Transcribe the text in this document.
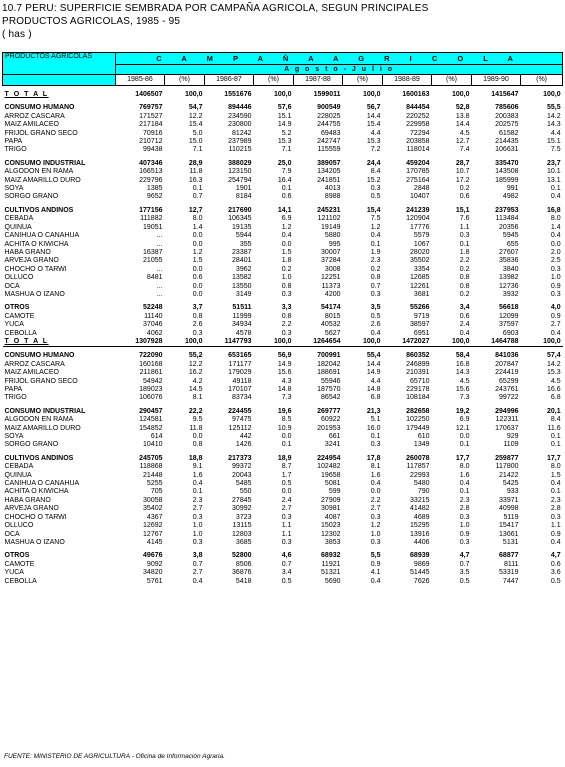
10.7 PERU: SUPERFICIE SEMBRADA POR CAMPAÑA AGRICOLA, SEGUN PRINCIPALES
PRODUCTOS AGRICOLAS, 1985 - 95
( has )
PRODUCTOS AGRICOLAS	C A M P A Ñ A A G R I C O L A									
	A g o s t o - J u l i o									
	1985-86	(%)	1986-87	(%)	1987-88	(%)	1988-89	(%)	1989-90	(%)

T O T A L	1406507	100,0	1551676	100,0	1599011	100,0	1600163	100,0	1415647	100,0

CONSUMO HUMANO	769757	54,7	894446	57,6	900549	56,7	844454	52,8	785606	55,5
ARROZ CASCARA	171527	12.2	234590	15.1	228025	14.4	220252	13.8	200383	14.2
MAIZ AMILACEO	217184	15.4	230800	14.9	244755	15.4	229958	14.4	202575	14.3
FRIJOL GRANO SECO	70916	5.0	81242	5.2	69483	4.4	72294	4.5	61582	4.4
PAPA	210712	15.0	237989	15.3	242747	15.3	203858	12.7	214435	15.1
TRIGO	99438	7.1	110215	7.1	115559	7.2	118014	7.4	106631	7.5

CONSUMO INDUSTRIAL	407346	28,9	388029	25,0	389057	24,4	459204	28,7	335470	23,7
ALGODON EN RAMA	166513	11.8	123150	7.9	134205	8.4	170785	10.7	143508	10.1
MAIZ AMARILLO DURO	229796	16.3	254794	16.4	241851	15.2	275164	17.2	185999	13.1
SOYA	1385	0.1	1901	0.1	4013	0.3	2848	0.2	991	0.1
SORGO GRANO	9652	0.7	8184	0.6	8988	0.5	10407	0.6	4982	0.4

CULTIVOS ANDINOS	177156	12,7	217690	14,1	245231	15,4	241239	15,1	237953	16,8
CEBADA	111882	8.0	106345	6.9	121102	7.5	120904	7.6	113484	8.0
QUINUA	19051	1.4	19135	1.2	19149	1.2	17776	1.1	20356	1.4
CANIHUA O CANAHUA	...	0.0	5944	0.4	5880	0.4	5579	0.3	5945	0.4
ACHITA O KIWICHA	...	0.0	355	0.0	995	0.1	1067	0.1	655	0.0
HABA GRANO	16387	1.2	23387	1.5	30007	1.9	28020	1.8	27607	2.0
ARVEJA GRANO	21055	1.5	28401	1.8	37284	2.3	35502	2.2	35836	2.5
CHOCHO O TARWI	...	0.0	3962	0.2	3008	0.2	3354	0.2	3840	0.3
OLLUCO	8481	0.6	13582	1.0	12251	0.8	12685	0.8	13982	1.0
OCA	...	0.0	13550	0.8	11373	0.7	12261	0.8	12736	0.9
MASHUA O IZANO	...	0.0	3149	0.3	4200	0.3	3681	0.2	3932	0.3

OTROS	52248	3,7	51511	3,3	54174	3,5	55266	3,4	56618	4,0
CAMOTE	11140	0.8	11999	0.8	8015	0.5	9719	0.6	12099	0.9
YUCA	37046	2.6	34934	2.2	40532	2.6	38597	2.4	37597	2.7
CEBOLLA	4062	0.3	4578	0.3	5627	0.4	6951	0.4	6903	0.4
T O T A L	1307928	100,0	1147793	100,0	1264654	100,0	1472027	100,0	1464788	100,0

CONSUMO HUMANO	722090	55,2	653165	56,9	700991	55,4	860352	58,4	841036	57,4
ARROZ CASCARA	160168	12.2	171177	14.9	182042	14.4	246899	16.8	207847	14.2
MAIZ AMILACEO	211861	16.2	179029	15.6	188691	14.9	210391	14.3	224419	15.3
FRIJOL GRANO SECO	54942	4.2	49118	4.3	55946	4.4	65710	4.5	65299	4.5
PAPA	189023	14.5	170107	14.8	187570	14.8	229178	15.6	243761	16.6
TRIGO	106076	8.1	83734	7.3	86542	6.8	108184	7.3	99722	6.8

CONSUMO INDUSTRIAL	290457	22,2	224455	19,6	269777	21,3	282658	19,2	294996	20,1
ALGODON EN RAMA	124581	9.5	97475	8.5	60922	5.1	102250	6.9	122311	8.4
MAIZ AMARILLO DURO	154852	11.8	125112	10.9	201953	16.0	179449	12.1	170637	11.6
SOYA	614	0.0	442	0.0	661	0.1	610	0.0	929	0.1
SORGO GRANO	10410	0.8	1426	0.1	3241	0.3	1349	0.1	1109	0.1

CULTIVOS ANDINOS	245705	18,8	217373	18,9	224954	17,8	260078	17,7	259877	17,7
CEBADA	118868	9.1	99372	8.7	102482	8.1	117857	8.0	117800	8.0
QUINUA	21448	1.6	20043	1.7	19658	1.6	22993	1.6	21422	1.5
CANIHUA O CANAHUA	5255	0.4	5485	0.5	5081	0.4	5480	0.4	5425	0.4
ACHITA O KIWICHA	705	0.1	550	0.0	599	0.0	790	0.1	933	0.1
HABA GRANO	30058	2.3	27845	2.4	27909	2.2	33215	2.3	33971	2.3
ARVEJA GRANO	35402	2.7	30992	2.7	30981	2.7	41482	2.8	40998	2.8
CHOCHO O TARWI	4367	0.3	3723	0.3	4087	0.3	4689	0.3	5119	0.3
OLLUCO	12692	1.0	13115	1.1	15023	1.2	15295	1.0	15417	1.1
OCA	12767	1.0	12803	1.1	12302	1.0	13916	0.9	13661	0.9
MASHUA O IZANO	4145	0.3	3685	0.3	3853	0.3	4406	0.3	5131	0.4

OTROS	49676	3,8	52800	4,6	68932	5,5	68939	4,7	68877	4,7
CAMOTE	9092	0.7	8506	0.7	11921	0.9	9869	0.7	8111	0.6
YUCA	34820	2.7	36876	3.4	51321	4.1	51445	3.5	53319	3.6
CEBOLLA	5761	0.4	5418	0.5	5690	0.4	7626	0.5	7447	0.5
FUENTE: MINISTERIO DE AGRICULTURA - Oficina de Información Agraria.
